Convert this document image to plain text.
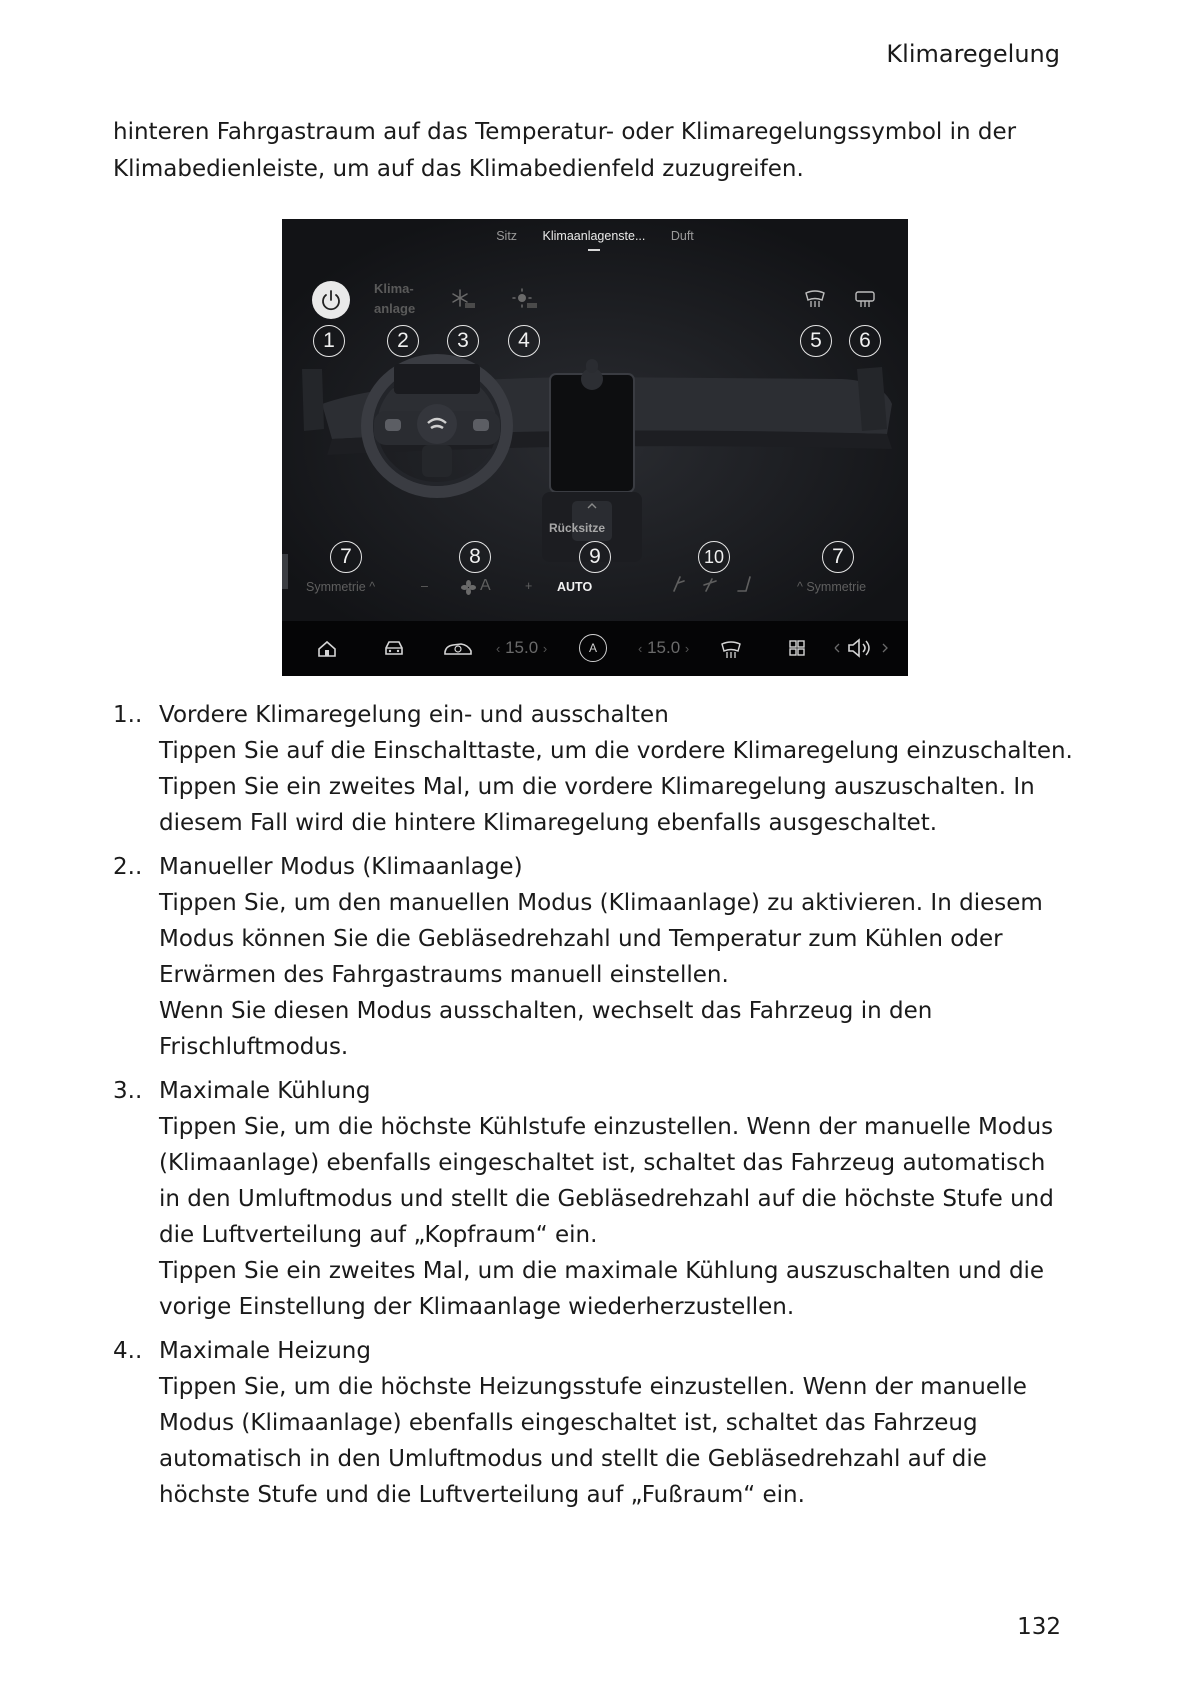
Klimaregelung

hinteren Fahrgastraum auf das Temperatur- oder Klimaregelungssymbol in der

Klimabedienleiste, um auf das Klimabedienfeld zuzugreifen.

Sitz Klimaanlagenste... Duft
Klima-
anlage
1	2	3	4	5	6
7	8	9	10	7
Rücksitze
Symmetrie ^	–	A	+ AUTO	^ Symmetrie
‹ 15.0 ›	A	‹ 15.0 ›
1.. Vordere Klimaregelung ein- und ausschalten

Tippen Sie auf die Einschalttaste, um die vordere Klimaregelung einzuschalten.

Tippen Sie ein zweites Mal, um die vordere Klimaregelung auszuschalten. In

diesem Fall wird die hintere Klimaregelung ebenfalls ausgeschaltet.

2.. Manueller Modus (Klimaanlage)

Tippen Sie, um den manuellen Modus (Klimaanlage) zu aktivieren. In diesem

Modus können Sie die Gebläsedrehzahl und Temperatur zum Kühlen oder

Erwärmen des Fahrgastraums manuell einstellen.

Wenn Sie diesen Modus ausschalten, wechselt das Fahrzeug in den

Frischluftmodus.

3.. Maximale Kühlung

Tippen Sie, um die höchste Kühlstufe einzustellen. Wenn der manuelle Modus

(Klimaanlage) ebenfalls eingeschaltet ist, schaltet das Fahrzeug automatisch

in den Umluftmodus und stellt die Gebläsedrehzahl auf die höchste Stufe und

die Luftverteilung auf „Kopfraum“ ein.

Tippen Sie ein zweites Mal, um die maximale Kühlung auszuschalten und die

vorige Einstellung der Klimaanlage wiederherzustellen.

4.. Maximale Heizung

Tippen Sie, um die höchste Heizungsstufe einzustellen. Wenn der manuelle

Modus (Klimaanlage) ebenfalls eingeschaltet ist, schaltet das Fahrzeug

automatisch in den Umluftmodus und stellt die Gebläsedrehzahl auf die

höchste Stufe und die Luftverteilung auf „Fußraum“ ein.

132
